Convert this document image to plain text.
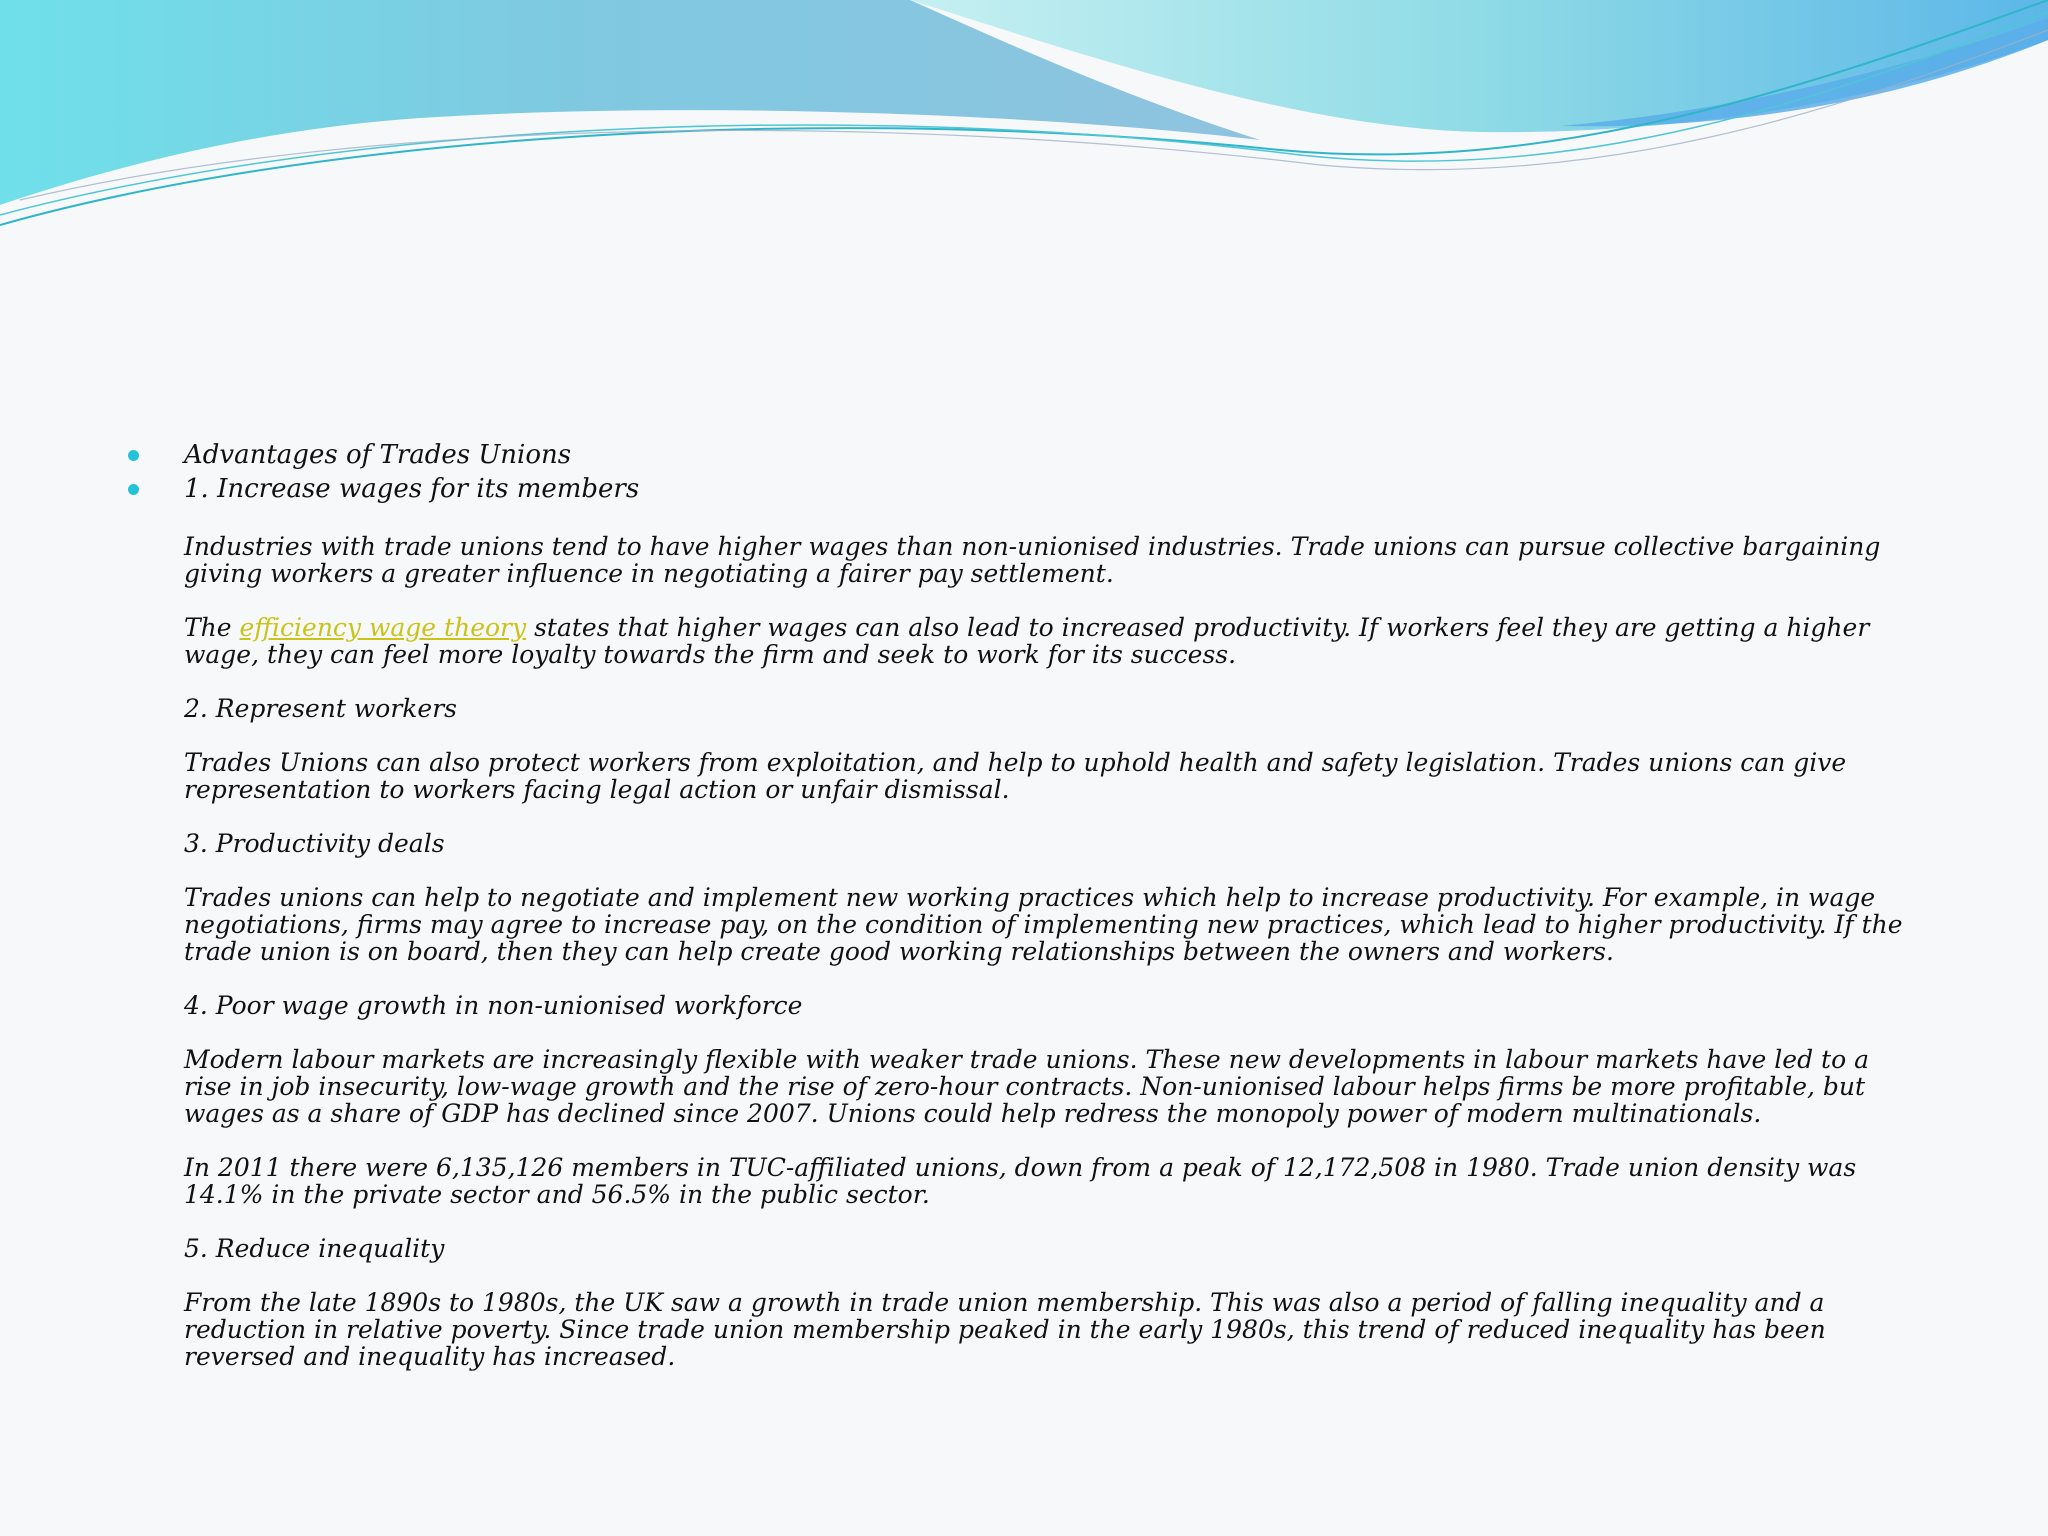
Advantages of Trades Unions
1. Increase wages for its members

Industries with trade unions tend to have higher wages than non-unionised industries. Trade unions can pursue collective bargaining giving workers a greater influence in negotiating a fairer pay settlement.

The efficiency wage theory states that higher wages can also lead to increased productivity. If workers feel they are getting a higher wage, they can feel more loyalty towards the firm and seek to work for its success.

2. Represent workers

Trades Unions can also protect workers from exploitation, and help to uphold health and safety legislation. Trades unions can give representation to workers facing legal action or unfair dismissal.

3. Productivity deals

Trades unions can help to negotiate and implement new working practices which help to increase productivity. For example, in wage negotiations, firms may agree to increase pay, on the condition of implementing new practices, which lead to higher productivity. If the trade union is on board, then they can help create good working relationships between the owners and workers.

4. Poor wage growth in non-unionised workforce

Modern labour markets are increasingly flexible with weaker trade unions. These new developments in labour markets have led to a rise in job insecurity, low-wage growth and the rise of zero-hour contracts. Non-unionised labour helps firms be more profitable, but wages as a share of GDP has declined since 2007. Unions could help redress the monopoly power of modern multinationals.

In 2011 there were 6,135,126 members in TUC-affiliated unions, down from a peak of 12,172,508 in 1980. Trade union density was 14.1% in the private sector and 56.5% in the public sector.

5. Reduce inequality

From the late 1890s to 1980s, the UK saw a growth in trade union membership. This was also a period of falling inequality and a reduction in relative poverty. Since trade union membership peaked in the early 1980s, this trend of reduced inequality has been reversed and inequality has increased.
